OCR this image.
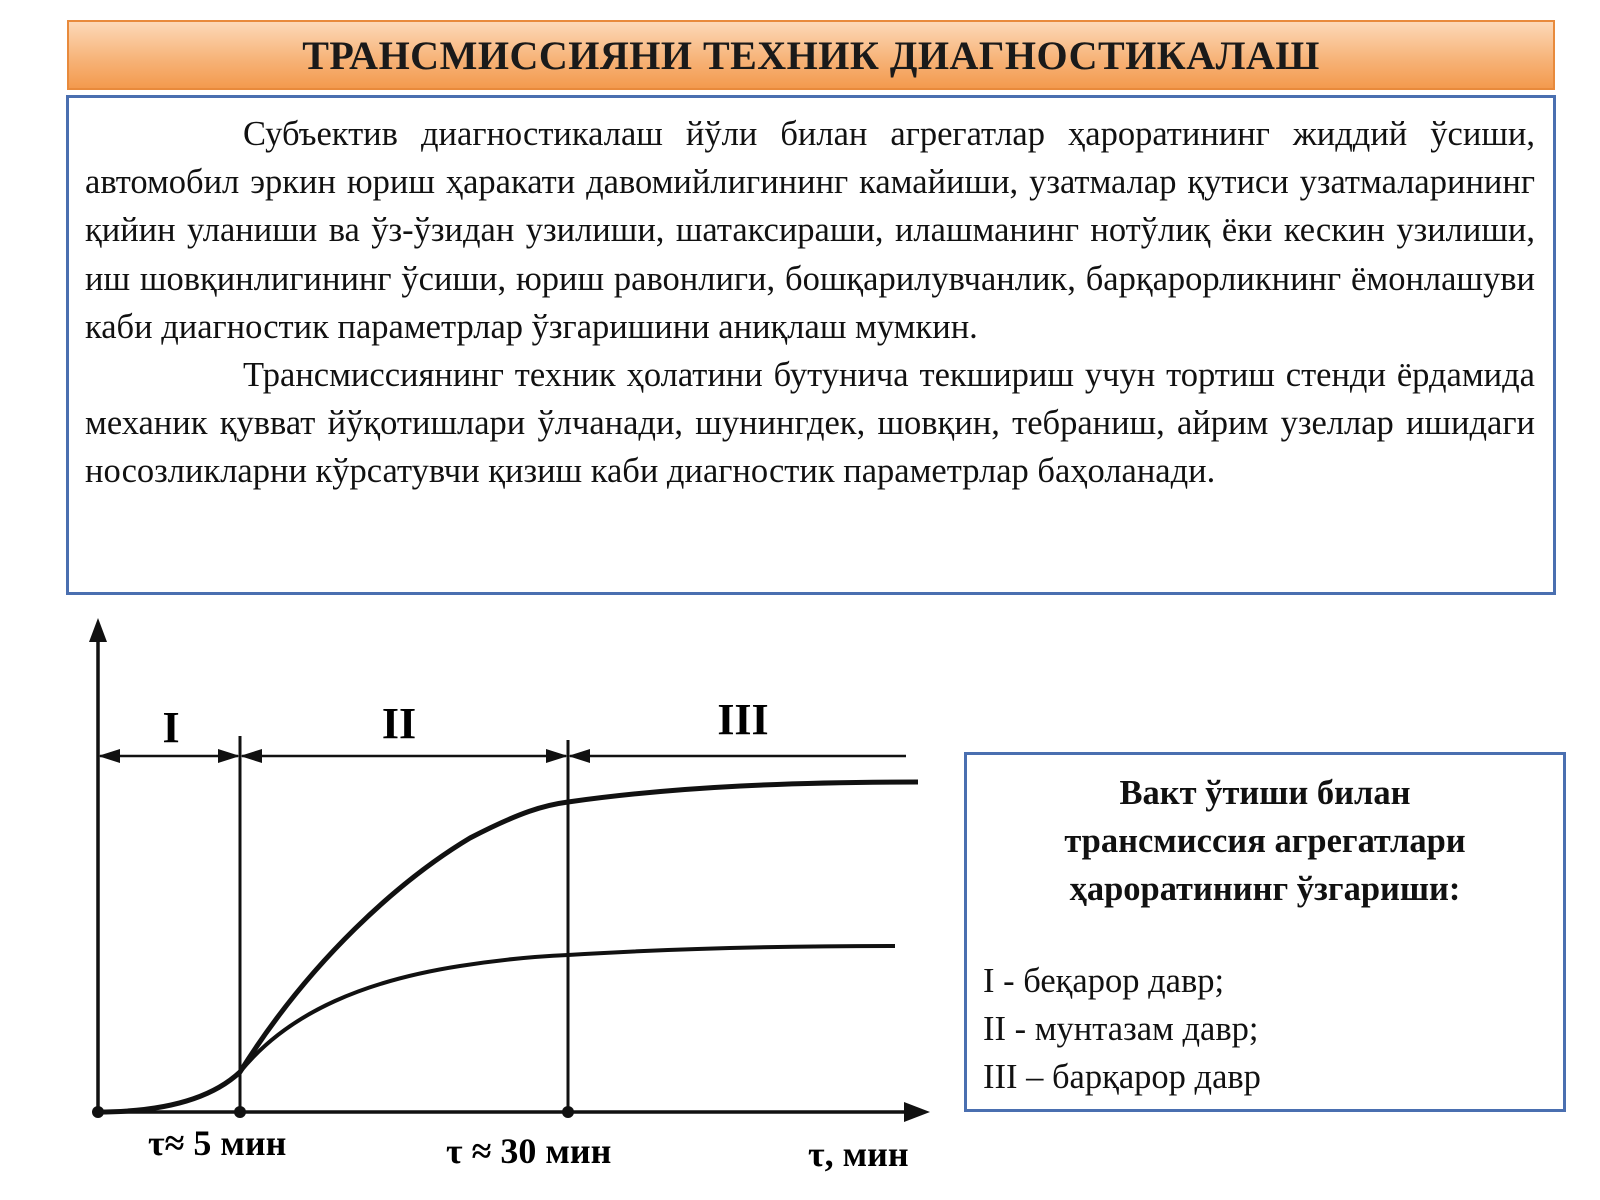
ТРАНСМИССИЯНИ ТЕХНИК ДИАГНОСТИКАЛАШ

Субъектив диагностикалаш йўли билан агрегатлар ҳароратининг жиддий ўсиши, автомобил эркин юриш ҳаракати давомийлигининг камайиши, узатмалар қутиси узатмаларининг қийин уланиши ва ўз-ўзидан узилиши, шатаксираши, илашманинг нотўлиқ ёки кескин узилиши, иш шовқинлигининг ўсиши, юриш равонлиги, бошқарилувчанлик, барқарорликнинг ёмонлашуви каби диагностик параметрлар ўзгаришини аниқлаш мумкин.

Трансмиссиянинг техник ҳолатини бутунича текшириш учун тортиш стенди ёрдамида механик қувват йўқотишлари ўлчанади, шунингдек, шовқин, тебраниш, айрим узеллар ишидаги носозликларни кўрсатувчи қизиш каби диагностик параметрлар баҳоланади.

I	II	III
τ≈ 5 мин	τ ≈ 30 мин	τ, мин
Вакт ўтиши билан
трансмиссия агрегатлари
ҳароратининг ўзгариши:
I - беқарор давр;
II - мунтазам давр;
III – барқарор давр
